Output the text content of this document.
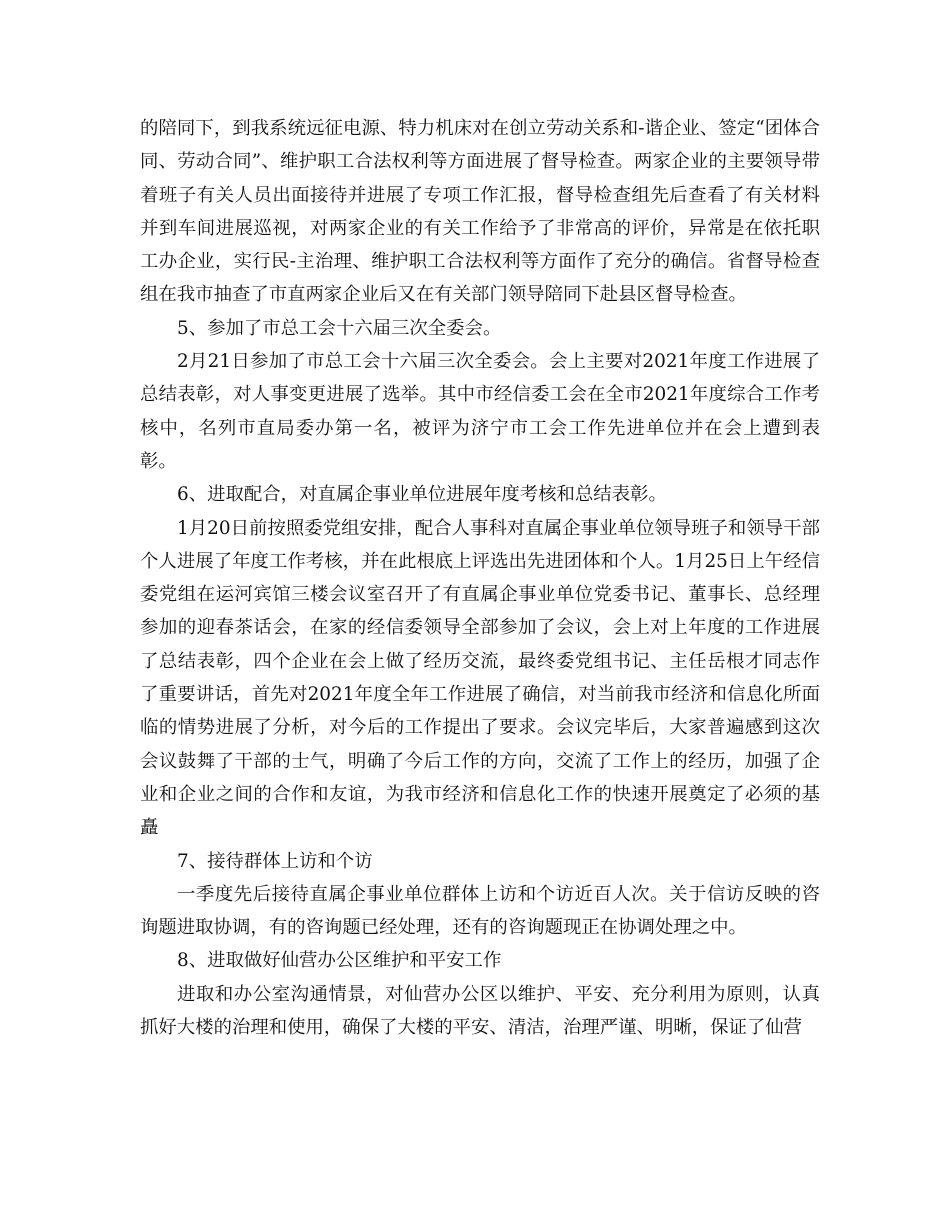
的陪同下，到我系统远征电源、特力机床对在创立劳动关系和-谐企业、签定“团体合同、劳动合同”、维护职工合法权利等方面进展了督导检查。两家企业的主要领导带着班子有关人员出面接待并进展了专项工作汇报，督导检查组先后查看了有关材料并到车间进展巡视，对两家企业的有关工作给予了非常高的评价，异常是在依托职工办企业，实行民-主治理、维护职工合法权利等方面作了充分的确信。省督导检查组在我市抽查了市直两家企业后又在有关部门领导陪同下赴县区督导检查。

5、参加了市总工会十六届三次全委会。

2月21日参加了市总工会十六届三次全委会。会上主要对2021年度工作进展了总结表彰，对人事变更进展了选举。其中市经信委工会在全市2021年度综合工作考核中，名列市直局委办第一名，被评为济宁市工会工作先进单位并在会上遭到表彰。

6、进取配合，对直属企事业单位进展年度考核和总结表彰。

1月20日前按照委党组安排，配合人事科对直属企事业单位领导班子和领导干部个人进展了年度工作考核，并在此根底上评选出先进团体和个人。1月25日上午经信委党组在运河宾馆三楼会议室召开了有直属企事业单位党委书记、董事长、总经理参加的迎春茶话会，在家的经信委领导全部参加了会议，会上对上年度的工作进展了总结表彰，四个企业在会上做了经历交流，最终委党组书记、主任岳根才同志作了重要讲话，首先对2021年度全年工作进展了确信，对当前我市经济和信息化所面临的情势进展了分析，对今后的工作提出了要求。会议完毕后，大家普遍感到这次会议鼓舞了干部的士气，明确了今后工作的方向，交流了工作上的经历，加强了企业和企业之间的合作和友谊，为我市经济和信息化工作的快速开展奠定了必须的基矗

7、接待群体上访和个访

一季度先后接待直属企事业单位群体上访和个访近百人次。关于信访反映的咨询题进取协调，有的咨询题已经处理，还有的咨询题现正在协调处理之中。

8、进取做好仙营办公区维护和平安工作

进取和办公室沟通情景，对仙营办公区以维护、平安、充分利用为原则，认真抓好大楼的治理和使用，确保了大楼的平安、清洁，治理严谨、明晰，保证了仙营
